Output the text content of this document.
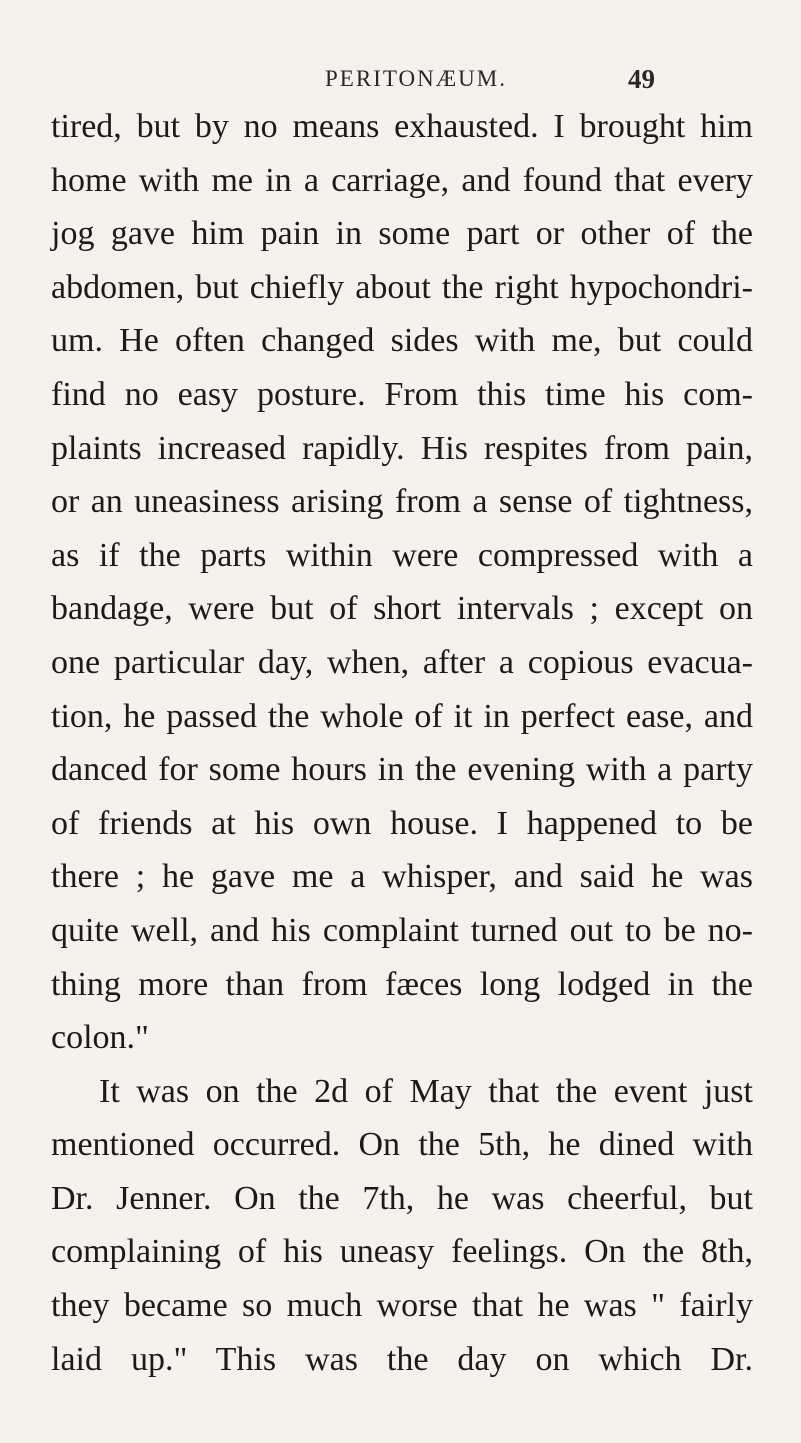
PERITONÆUM.	49
tired, but by no means exhausted. I brought him
home with me in a carriage, and found that every
jog gave him pain in some part or other of the
abdomen, but chiefly about the right hypochondri-
um. He often changed sides with me, but could
find no easy posture. From this time his com-
plaints increased rapidly. His respites from pain,
or an uneasiness arising from a sense of tightness,
as if the parts within were compressed with a
bandage, were but of short intervals ; except on
one particular day, when, after a copious evacua-
tion, he passed the whole of it in perfect ease, and
danced for some hours in the evening with a party
of friends at his own house. I happened to be
there ; he gave me a whisper, and said he was
quite well, and his complaint turned out to be no-
thing more than from fæces long lodged in the
colon."
It was on the 2d of May that the event just
mentioned occurred. On the 5th, he dined with
Dr. Jenner. On the 7th, he was cheerful, but
complaining of his uneasy feelings. On the 8th,
they became so much worse that he was " fairly
laid up." This was the day on which Dr.
